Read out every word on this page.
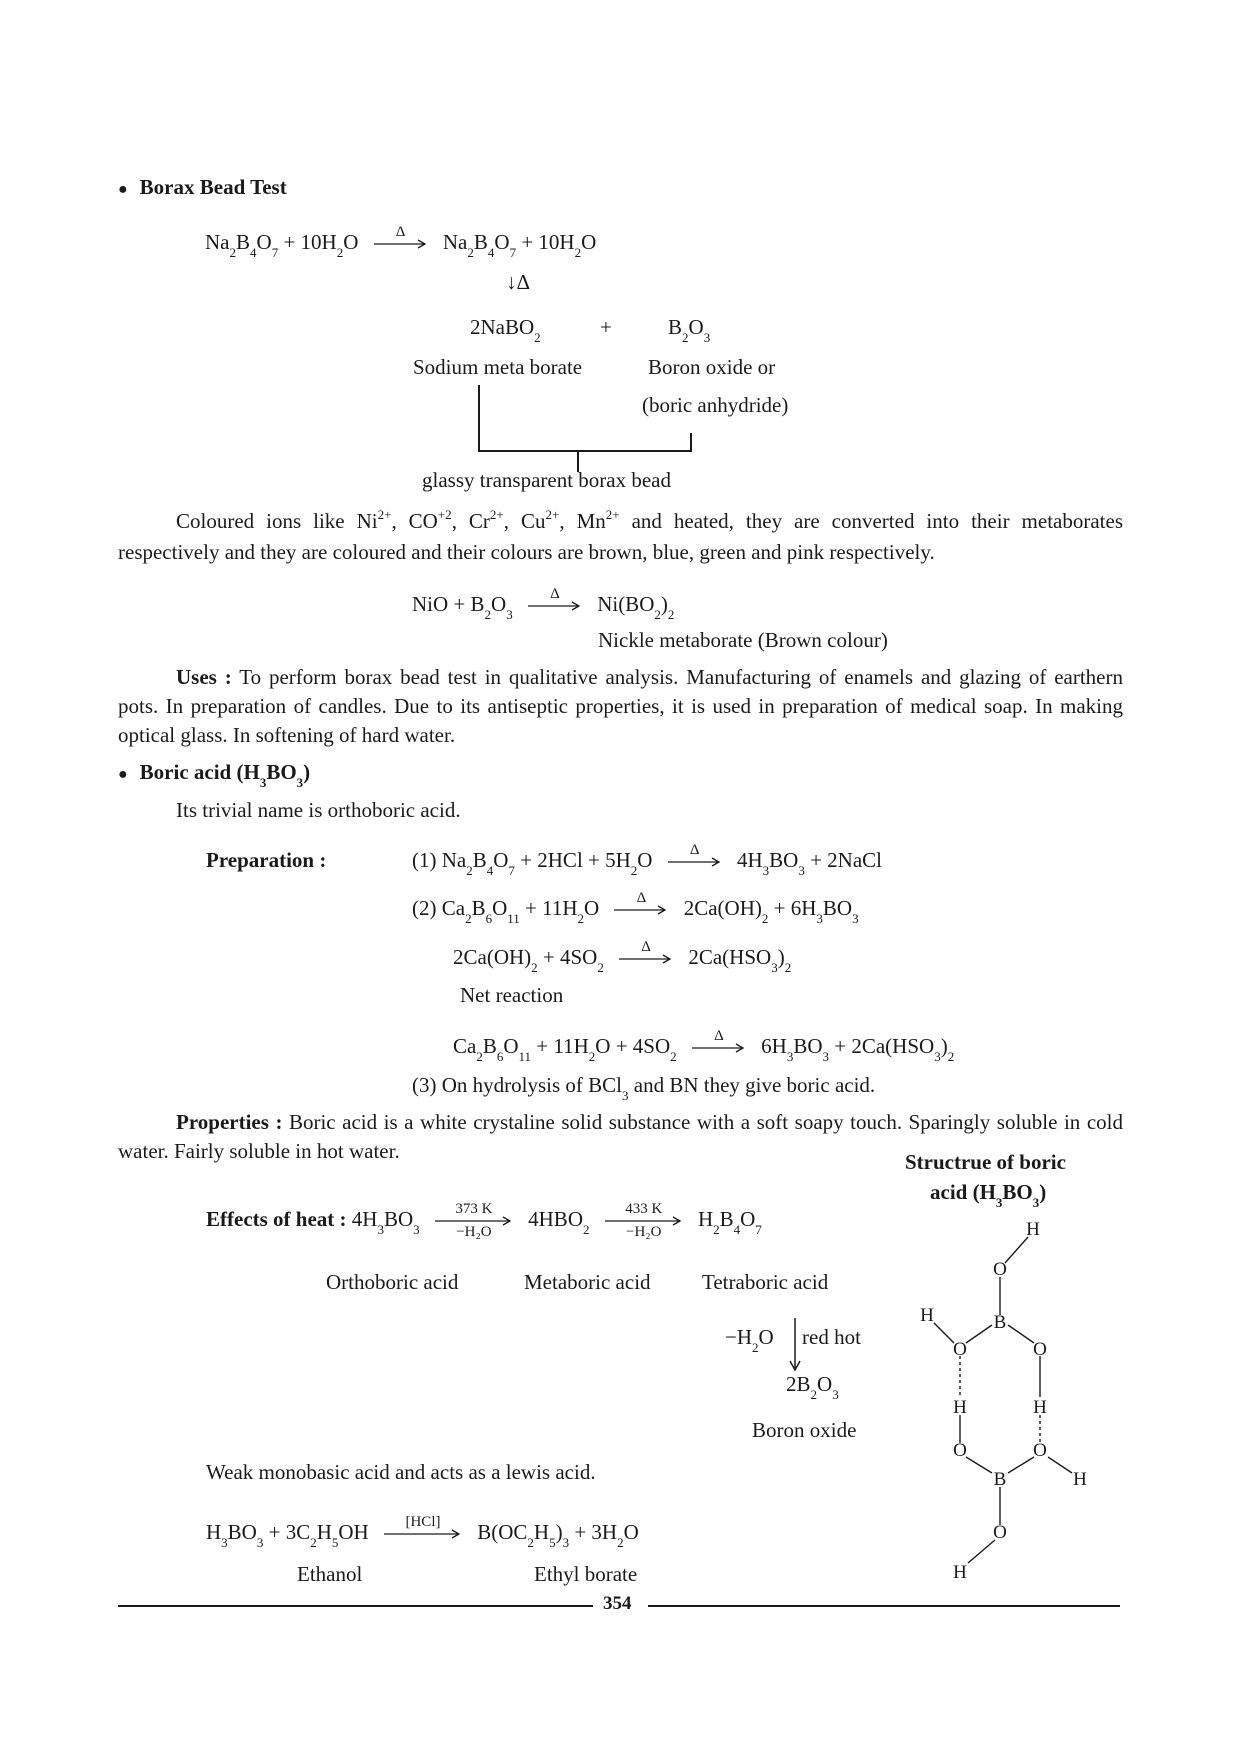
● Borax Bead Test
$Na_2B_4O_7 + 10H_2O$	Δ	$Na_2B_4O_7 + 10H_2O$
↓Δ
2NaBO$_2$	+	$B_2O_3$
Sodium meta borate	Boron oxide or
(boric anhydride)
glassy transparent borax bead
Coloured ions like $Ni^{2+}$, $CO^{+2}$, $Cr^{2+}$, $Cu^{2+}$, $Mn^{2+}$ and heated, they are converted into their metaborates respectively and they are coloured and their colours are brown, blue, green and pink respectively.
NiO + $B_2O_3$
Δ	$Ni(BO_2)_2$
Nickle metaborate (Brown colour)
Uses : To perform borax bead test in qualitative analysis. Manufacturing of enamels and glazing of earthern pots. In preparation of candles. Due to its antiseptic properties, it is used in preparation of medical soap. In making optical glass. In softening of hard water.
● Boric acid $(H_3BO_3)$
Its trivial name is orthoboric acid.
Preparation :	(1) $Na_2B_4O_7 + 2HCl + 5H_2O$	Δ	$4H_3BO_3$ + 2NaCl
(2) $Ca_2B_6O_{11} + 11H_2O$	Δ	$2Ca(OH)_2 + 6H_3BO_3$
$2Ca(OH)_2 + 4SO_2$
Δ	$2Ca(HSO_3)_2$
Net reaction
$Ca_2B_6O_{11} + 11H_2O + 4SO_2$
Δ	$6H_3BO_3 + 2Ca(HSO_3)_2$
(3) On hydrolysis of BCl$_3$ and BN they give boric acid.
Properties : Boric acid is a white crystaline solid substance with a soft soapy touch. Sparingly soluble in cold water. Fairly soluble in hot water.
Effects of heat : $4H_3BO_3$
373 K
−H₂O
$4HBO_2$
433 K
−H₂O
$H_2B_4O_7$
Orthoboric acid	Metaboric acid Tetraboric acid
$-H_2O$ red hot
$2B_2O_3$
Boron oxide
Weak monobasic acid and acts as a lewis acid.
$H_3BO_3 + 3C_2H_5OH$	[HCl]	$B(OC_2H_5)_3 + 3H_2O$
Ethanol	Ethyl borate
Structrue of boric
acid $(H_3BO_3)$
H
O
H	B
O	O
H	H
O	O
B	H
O
H
354
